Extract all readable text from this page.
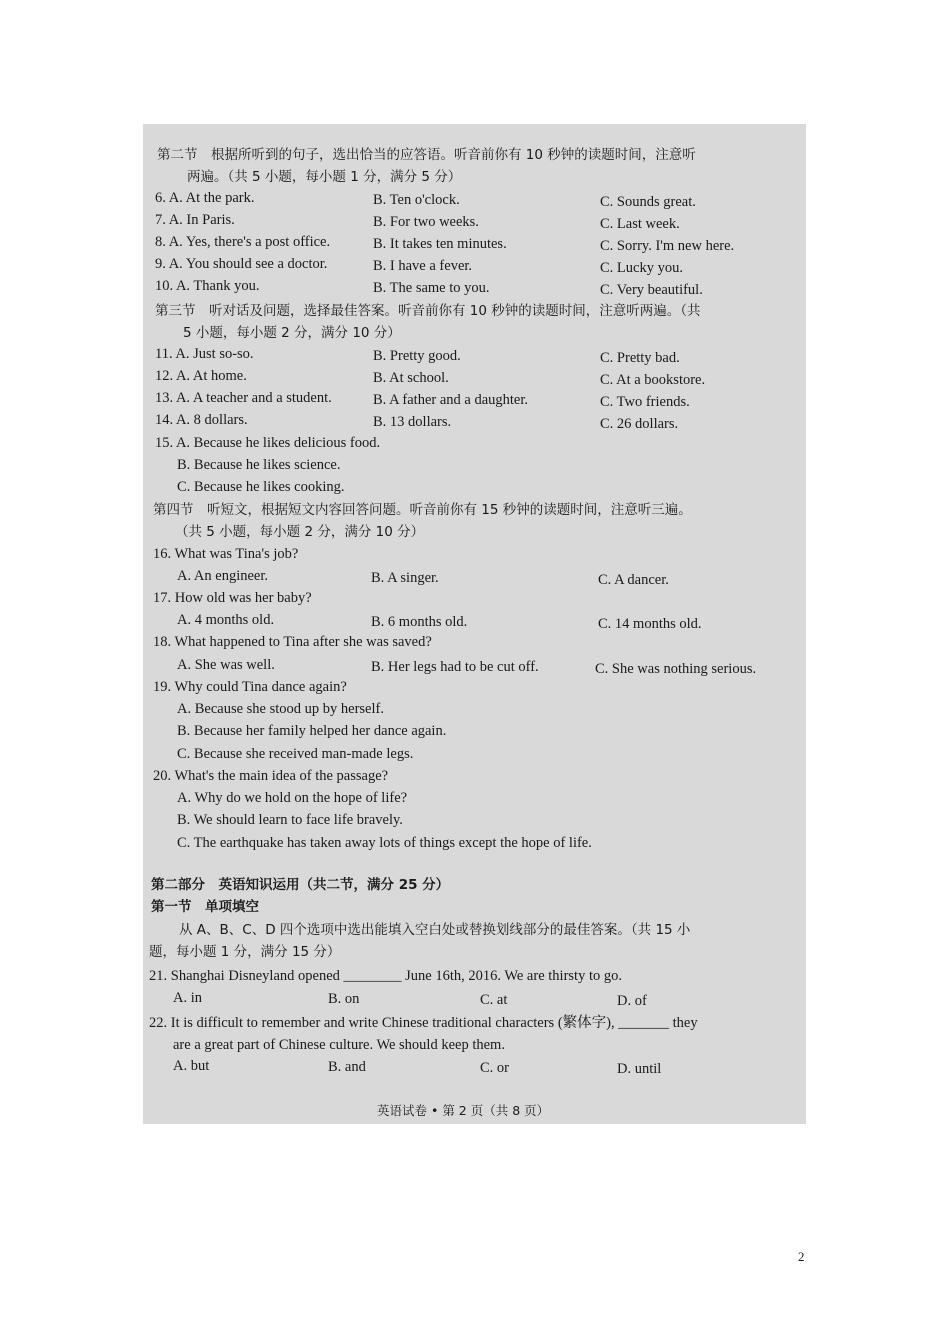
第二节　根据所听到的句子，选出恰当的应答语。听音前你有 10 秒钟的读题时间，注意听
两遍。（共 5 小题，每小题 1 分，满分 5 分）
6. A. At the park.	B. Ten o'clock.	C. Sounds great.
7. A. In Paris.	B. For two weeks.	C. Last week.
8. A. Yes, there's a post office.	B. It takes ten minutes.	C. Sorry. I'm new here.
9. A. You should see a doctor.	B. I have a fever.	C. Lucky you.
10. A. Thank you.	B. The same to you.	C. Very beautiful.
第三节　听对话及问题，选择最佳答案。听音前你有 10 秒钟的读题时间，注意听两遍。（共
5 小题，每小题 2 分，满分 10 分）
11. A. Just so-so.	B. Pretty good.	C. Pretty bad.
12. A. At home.	B. At school.	C. At a bookstore.
13. A. A teacher and a student.	B. A father and a daughter.	C. Two friends.
14. A. 8 dollars.	B. 13 dollars.	C. 26 dollars.
15. A. Because he likes delicious food.
B. Because he likes science.
C. Because he likes cooking.
第四节　听短文，根据短文内容回答问题。听音前你有 15 秒钟的读题时间，注意听三遍。
（共 5 小题，每小题 2 分，满分 10 分）
16. What was Tina's job?
A. An engineer.	B. A singer.	C. A dancer.
17. How old was her baby?
A. 4 months old.	B. 6 months old.	C. 14 months old.
18. What happened to Tina after she was saved?
A. She was well.	B. Her legs had to be cut off.	C. She was nothing serious.
19. Why could Tina dance again?
A. Because she stood up by herself.
B. Because her family helped her dance again.
C. Because she received man-made legs.
20. What's the main idea of the passage?
A. Why do we hold on the hope of life?
B. We should learn to face life bravely.
C. The earthquake has taken away lots of things except the hope of life.
第二部分　英语知识运用（共二节，满分 25 分）
第一节　单项填空
从 A、B、C、D 四个选项中选出能填入空白处或替换划线部分的最佳答案。（共 15 小
题，每小题 1 分，满分 15 分）
21. Shanghai Disneyland opened ________ June 16th, 2016. We are thirsty to go.
A. in	B. on	C. at	D. of
22. It is difficult to remember and write Chinese traditional characters (繁体字), _______ they
are a great part of Chinese culture. We should keep them.
A. but	B. and	C. or	D. until
英语试卷 • 第 2 页（共 8 页）
2
